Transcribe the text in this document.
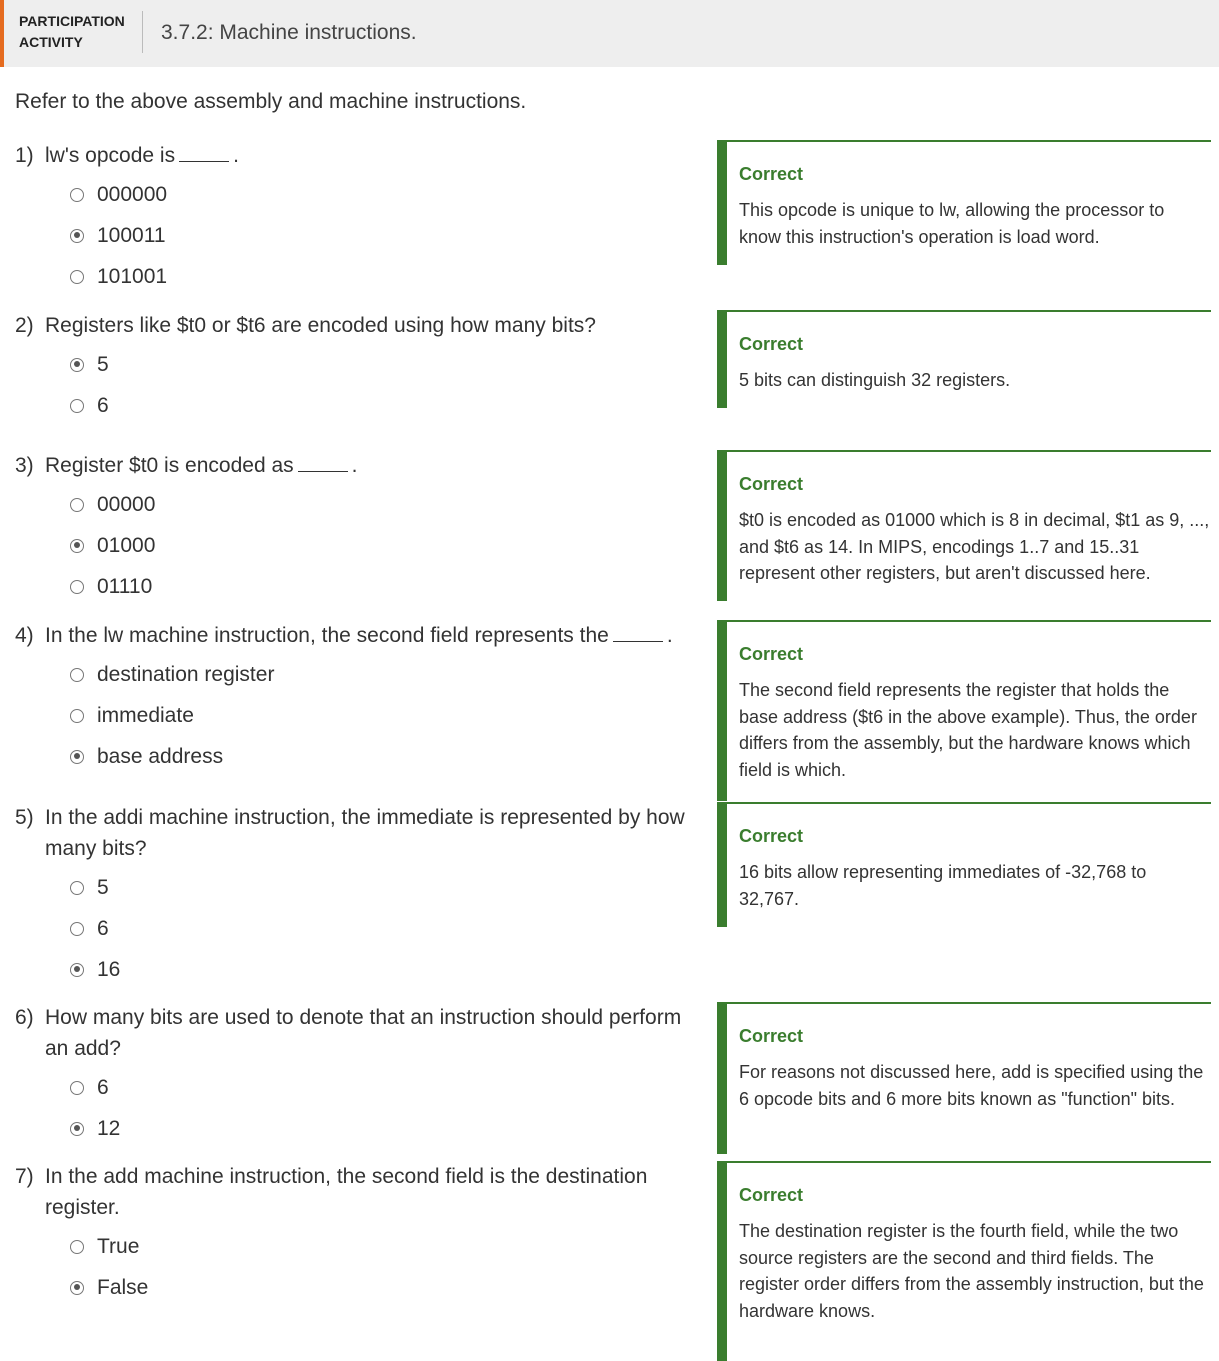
PARTICIPATION
ACTIVITY	3.7.2: Machine instructions.
Refer to the above assembly and machine instructions.
1) lw's opcode is	.
000000
100011
101001
Correct
This opcode is unique to lw, allowing the processor to know this instruction's operation is load word.
2) Registers like $t0 or $t6 are encoded using how many bits?
5
6
Correct
5 bits can distinguish 32 registers.
3) Register $t0 is encoded as	.
00000
01000
01110
Correct
$t0 is encoded as 01000 which is 8 in decimal, $t1 as 9, ..., and $t6 as 14. In MIPS, encodings 1..7 and 15..31 represent other registers, but aren't discussed here.
4) In the lw machine instruction, the second field represents the	.
destination register
immediate
base address
Correct
The second field represents the register that holds the base address ($t6 in the above example). Thus, the order differs from the assembly, but the hardware knows which field is which.
5) In the addi machine instruction, the immediate is represented by how many bits?
5
6
16
Correct
16 bits allow representing immediates of -32,768 to 32,767.
6) How many bits are used to denote that an instruction should perform an add?
6
12
Correct
For reasons not discussed here, add is specified using the 6 opcode bits and 6 more bits known as "function" bits.
7) In the add machine instruction, the second field is the destination register.
True
False
Correct
The destination register is the fourth field, while the two source registers are the second and third fields. The register order differs from the assembly instruction, but the hardware knows.
